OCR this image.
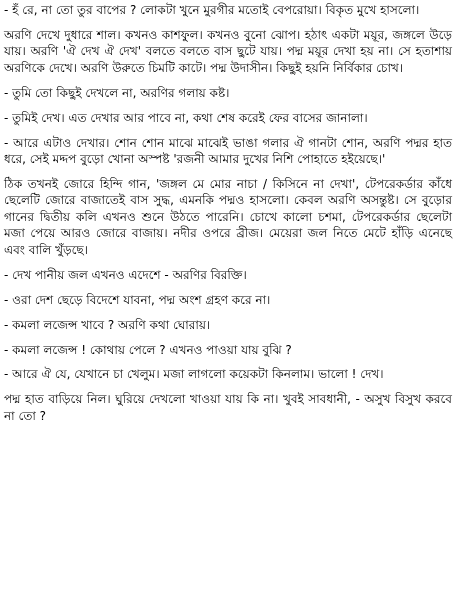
- হঁ রে, না তো তুর বাপের ? লোকটা খুনে মুরগীর মতোই বেপরোয়া। বিকৃত মুখে হাসলো।

অরণি দেখে দুধারে শাল। কখনও কাশফুল। কখনও বুনো ঝোপ। হঠাৎ একটা ময়ূর, জঙ্গলে উড়ে যায়। অরণি 'ঐ দেখ ঐ দেখ' বলতে বলতে বাস ছুটে যায়। পদ্ম ময়ূর দেখা হয় না। সে হতাশায় অরণিকে দেখে। অরণি উরুতে চিমটি কাটে। পদ্ম উদাসীন। কিছুই হয়নি নির্বিকার চোখ।

- তুমি তো কিছুই দেখলে না, অরণির গলায় কষ্ট।

- তুমিই দেখ। এত দেখার আর পাবে না, কথা শেষ করেই ফের বাসের জানালা।

- আরে এটাও দেখার। শোন শোন মাঝে মাঝেই ভাঙা গলার ঐ গানটা শোন, অরণি পদ্মর হাত ধরে, সেই মদ্দপ বুড়ো খোনা অস্পষ্ট 'রজনী আমার দুখের নিশি পোহাতে হইয়েছে।'

ঠিক তখনই জোরে হিন্দি গান, 'জঙ্গল মে মোর নাচা / কিসিনে না দেখা', টেপরেকর্ডার কাঁধে ছেলেটি জোরে বাজাতেই বাস সুদ্ধ, এমনকি পদ্মও হাসলো। কেবল অরণি অসন্তুষ্ট। সে বুড়োর গানের দ্বিতীয় কলি এখনও শুনে উঠতে পারেনি। চোখে কালো চশমা, টেপরেকর্ডার ছেলেটা মজা পেয়ে আরও জোরে বাজায়। নদীর ওপরে ব্রীজ। মেয়েরা জল নিতে মেটে হাঁড়ি এনেছে এবং বালি খুঁড়ছে।

- দেখ পানীয় জল এখনও এদেশে - অরণির বিরক্তি।

- ওরা দেশ ছেড়ে বিদেশে যাবনা, পদ্ম অংশ গ্রহণ করে না।

- কমলা লজেন্স খাবে ? অরণি কথা ঘোরায়।

- কমলা লজেন্স ! কোথায় পেলে ? এখনও পাওয়া যায় বুঝি ?

- আরে ঐ যে, যেখানে চা খেলুম। মজা লাগলো কয়েকটা কিনলাম। ভালো ! দেখ।

পদ্ম হাত বাড়িয়ে নিল। ঘুরিয়ে দেখলো খাওয়া যায় কি না। খুবই সাবধানী, - অসুখ বিসুখ করবে না তো ?
